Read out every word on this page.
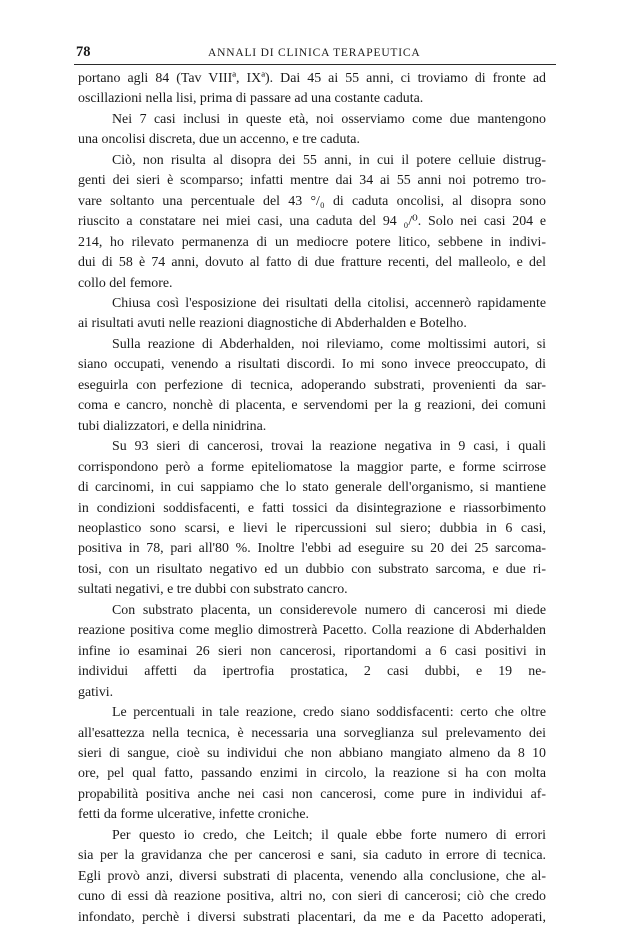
78	ANNALI DI CLINICA TERAPEUTICA
portano agli 84 (Tav VIIIª, IXª). Dai 45 ai 55 anni, ci troviamo di fronte ad
oscillazioni nella lisi, prima di passare ad una costante caduta.
Nei 7 casi inclusi in queste età, noi osserviamo come due mantengono
una oncolisi discreta, due un accenno, e tre caduta.
Ciò, non risulta al disopra dei 55 anni, in cui il potere celluie distrug-
genti dei sieri è scomparso; infatti mentre dai 34 ai 55 anni noi potremo tro-
vare soltanto una percentuale del 43 °/₀ di caduta oncolisi, al disopra sono
riuscito a constatare nei miei casi, una caduta del 94 ₀/⁰. Solo nei casi 204 e
214, ho rilevato permanenza di un mediocre potere litico, sebbene in indivi-
dui di 58 è 74 anni, dovuto al fatto di due fratture recenti, del malleolo, e del
collo del femore.
Chiusa così l'esposizione dei risultati della citolisi, accennerò rapidamente
ai risultati avuti nelle reazioni diagnostiche di Abderhalden e Botelho.
Sulla reazione di Abderhalden, noi rileviamo, come moltissimi autori, si
siano occupati, venendo a risultati discordi. Io mi sono invece preoccupato, di
eseguirla con perfezione di tecnica, adoperando substrati, provenienti da sar-
coma e cancro, nonchè di placenta, e servendomi per la g reazioni, dei comuni
tubi dializzatori, e della ninidrina.
Su 93 sieri di cancerosi, trovai la reazione negativa in 9 casi, i quali
corrispondono però a forme epiteliomatose la maggior parte, e forme scirrose
di carcinomi, in cui sappiamo che lo stato generale dell'organismo, si mantiene
in condizioni soddisfacenti, e fatti tossici da disintegrazione e riassorbimento
neoplastico sono scarsi, e lievi le ripercussioni sul siero; dubbia in 6 casi,
positiva in 78, pari all'80 %. Inoltre l'ebbi ad eseguire su 20 dei 25 sarcoma-
tosi, con un risultato negativo ed un dubbio con substrato sarcoma, e due ri-
sultati negativi, e tre dubbi con substrato cancro.
Con substrato placenta, un considerevole numero di cancerosi mi diede
reazione positiva come meglio dimostrerà Pacetto. Colla reazione di Abderhalden
infine io esaminai 26 sieri non cancerosi, riportandomi a 6 casi positivi in
individui affetti da ipertrofia prostatica, 2 casi dubbi, e 19 ne-
gativi.
Le percentuali in tale reazione, credo siano soddisfacenti: certo che oltre
all'esattezza nella tecnica, è necessaria una sorveglianza sul prelevamento dei
sieri di sangue, cioè su individui che non abbiano mangiato almeno da 8 10
ore, pel qual fatto, passando enzimi in circolo, la reazione si ha con molta
propabilità positiva anche nei casi non cancerosi, come pure in individui af-
fetti da forme ulcerative, infette croniche.
Per questo io credo, che Leitch; il quale ebbe forte numero di errori
sia per la gravidanza che per cancerosi e sani, sia caduto in errore di tecnica.
Egli provò anzi, diversi substrati di placenta, venendo alla conclusione, che al-
cuno di essi dà reazione positiva, altri no, con sieri di cancerosi; ciò che credo
infondato, perchè i diversi substrati placentari, da me e da Pacetto adoperati,
